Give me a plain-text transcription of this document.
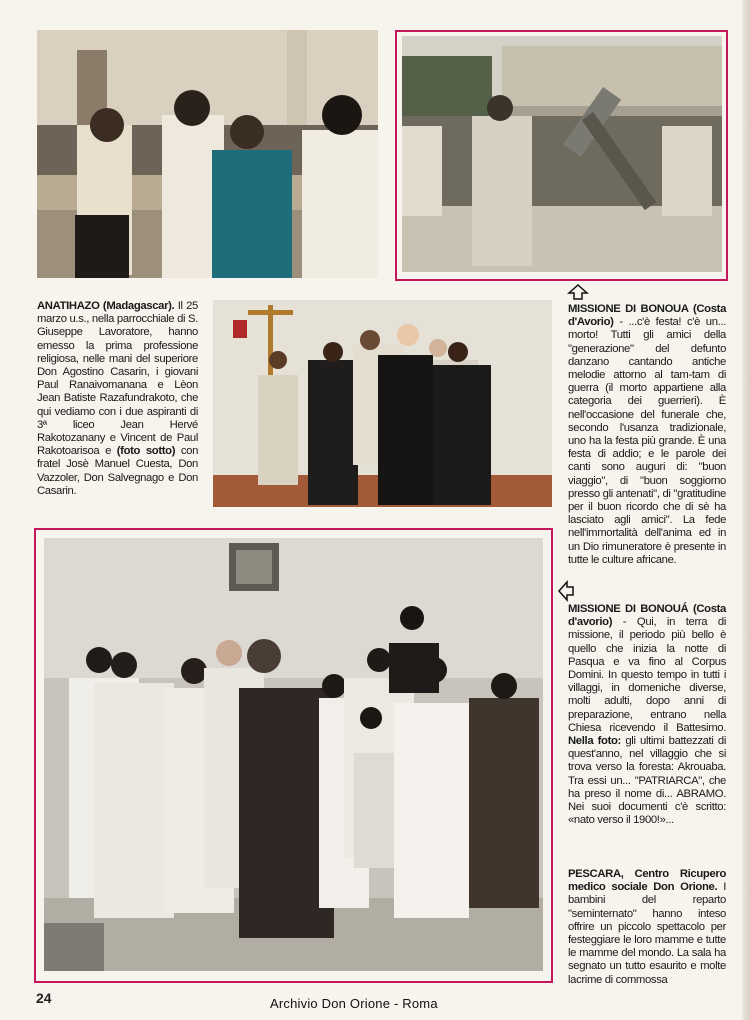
ANATIHAZO (Madagascar). Il 25 marzo u.s., nella parrocchiale di S. Giuseppe Lavoratore, hanno emesso la prima professione religiosa, nelle mani del superiore Don Agostino Casarin, i giovani Paul Ranaivomanana e Lèon Jean Batiste Razafundrakoto, che qui vediamo con i due aspiranti di 3ª liceo Jean Hervé Rakotozanany e Vincent de Paul Rakotoarisoa e (foto sotto) con fratel Josè Manuel Cuesta, Don Vazzoler, Don Salvegnago e Don Casarin.
MISSIONE DI BONOUA (Costa d'Avorio) - ...c'è festa! c'è un... morto! Tutti gli amici della "generazione" del defunto danzano cantando antiche melodie attorno al tam-tam di guerra (il morto appartiene alla categoria dei guerrieri). È nell'occasione del funerale che, secondo l'usanza tradizionale, uno ha la festa più grande. È una festa di addio; e le parole dei canti sono auguri di: "buon viaggio", di "buon soggiorno presso gli antenati", di "gratitudine per il buon ricordo che di sè ha lasciato agli amici". La fede nell'immortalità dell'anima ed in un Dio rimuneratore è presente in tutte le culture africane.
MISSIONE DI BONOUÁ (Costa d'avorio) - Qui, in terra di missione, il periodo più bello è quello che inizia la notte di Pasqua e va fino al Corpus Domini. In questo tempo in tutti i villaggi, in domeniche diverse, molti adulti, dopo anni di preparazione, entrano nella Chiesa ricevendo il Battesimo. Nella foto: gli ultimi battezzati di quest'anno, nel villaggio che si trova verso la foresta: Akrouaba. Tra essi un... "PATRIARCA", che ha preso il nome di... ABRAMO. Nei suoi documenti c'è scritto: «nato verso il 1900!»...
PESCARA, Centro Ricupero medico sociale Don Orione. I bambini del reparto "seminternato" hanno inteso offrire un piccolo spettacolo per festeggiare le loro mamme e tutte le mamme del mondo. La sala ha segnato un tutto esaurito e molte lacrime di commossa
24	Archivio Don Orione - Roma
